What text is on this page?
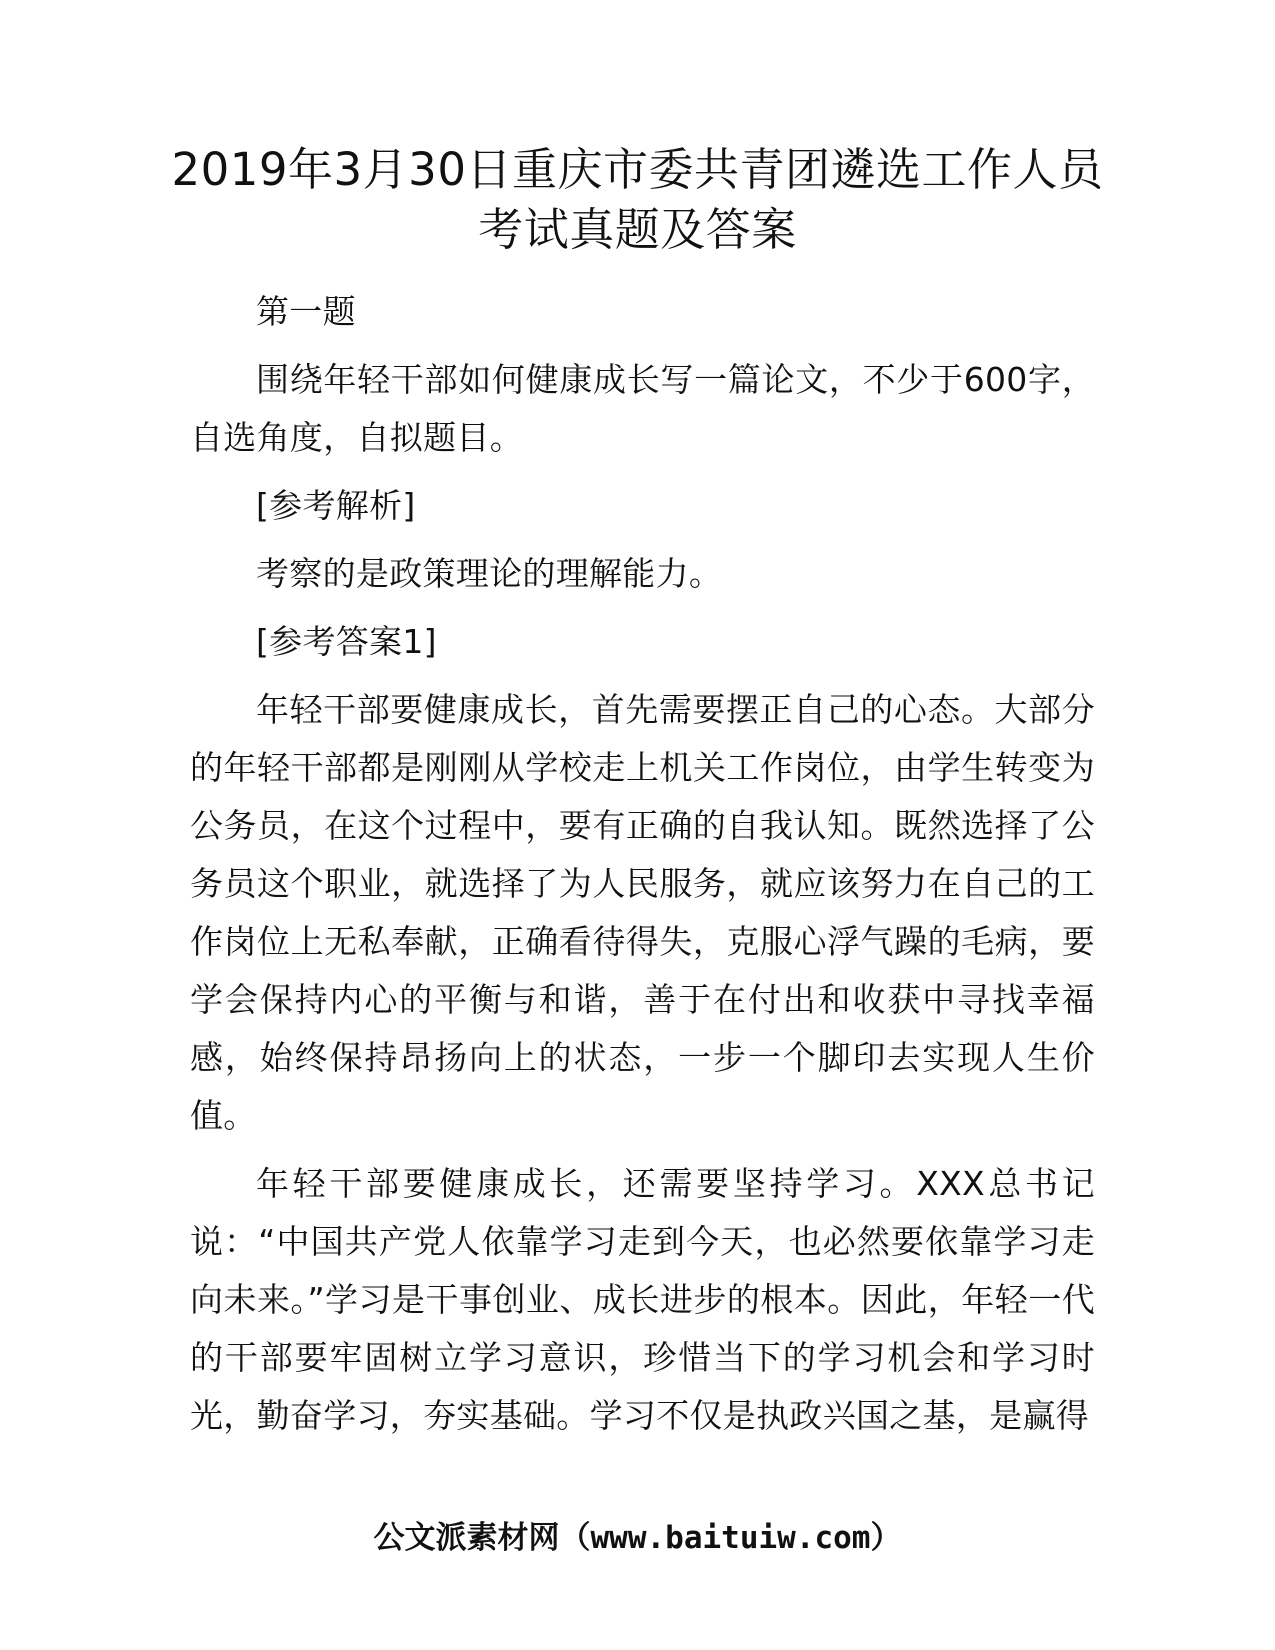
2019年3月30日重庆市委共青团遴选工作人员

考试真题及答案

第一题

围绕年轻干部如何健康成长写一篇论文，不少于600字，自选角度，自拟题目。

[参考解析]

考察的是政策理论的理解能力。

[参考答案1]

年轻干部要健康成长，首先需要摆正自己的心态。大部分的年轻干部都是刚刚从学校走上机关工作岗位，由学生转变为公务员，在这个过程中，要有正确的自我认知。既然选择了公务员这个职业，就选择了为人民服务，就应该努力在自己的工作岗位上无私奉献，正确看待得失，克服心浮气躁的毛病，要学会保持内心的平衡与和谐，善于在付出和收获中寻找幸福感，始终保持昂扬向上的状态，一步一个脚印去实现人生价值。

年轻干部要健康成长，还需要坚持学习。XXX总书记说：“中国共产党人依靠学习走到今天，也必然要依靠学习走向未来。”学习是干事创业、成长进步的根本。因此，年轻一代的干部要牢固树立学习意识，珍惜当下的学习机会和学习时光，勤奋学习，夯实基础。学习不仅是执政兴国之基，是赢得

公文派素材网（www.baituiw.com）
